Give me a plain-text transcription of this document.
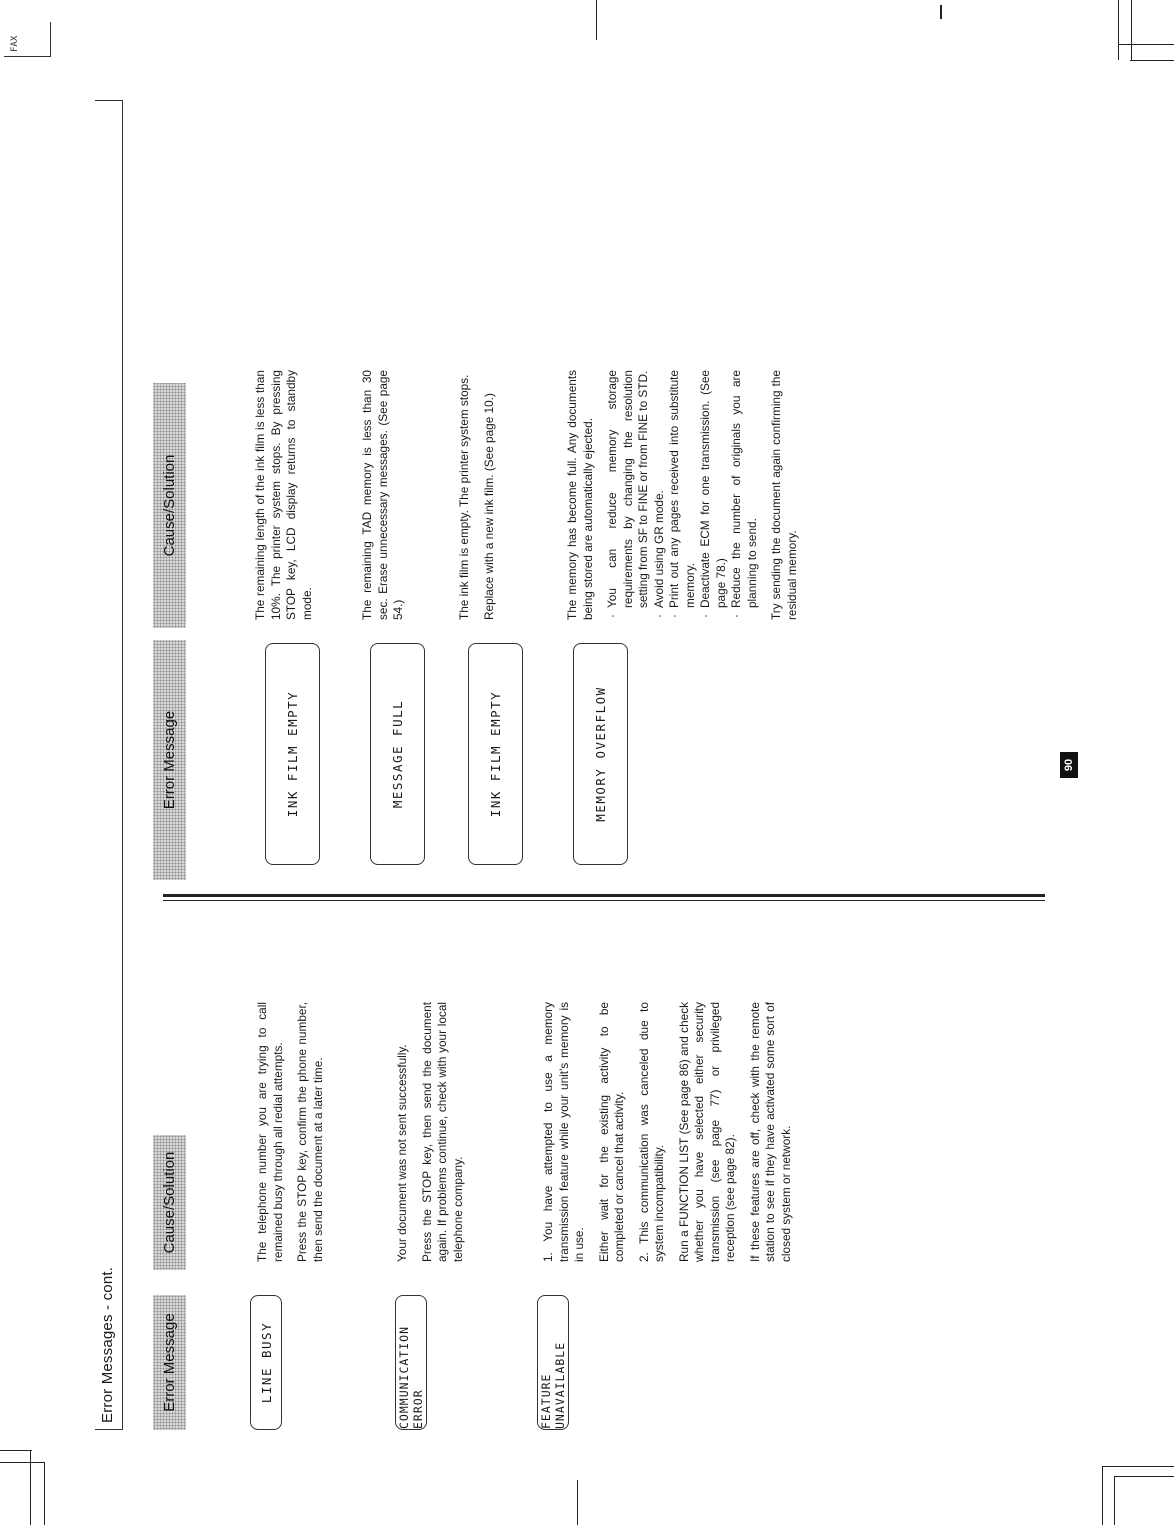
FAX
90
Error Messages - cont.	Error Message
Cause/Solution
LINE BUSY

The telephone number you are trying to call remained busy through all redial attempts. Press the STOP key, confirm the phone number, then send the document at a later time.

COMMUNICATION ERROR

Your document was not sent successfully. Press the STOP key, then send the document again. If problems continue, check with your local telephone company.

FEATURE UNAVAILABLE

1. You have attempted to use a memory transmission feature while your unit's memory is in use. Either wait for the existing activity to be completed or cancel that activity. 2. This communication was canceled due to system incompatibility. Run a FUNCTION LIST (See page 86) and check whether you have selected either security transmission (see page 77) or privileged reception (see page 82). If these features are off, check with the remote station to see if they have activated some sort of closed system or network.

Error Message
Cause/Solution
INK FILM EMPTY

The remaining length of the ink film is less than 10%. The printer system stops. By pressing STOP key, LCD display returns to standby mode.

MESSAGE FULL

The remaining TAD memory is less than 30 sec. Erase unnecessary messages. (See page 54.)

INK FILM EMPTY

The ink film is empty. The printer system stops. Replace with a new ink film. (See page 10.)

MEMORY OVERFLOW

The memory has become full. Any documents being stored are automatically ejected. · You can reduce memory storage requirements by changing the resolution setting from SF to FINE or from FINE to STD. · Avoid using GR mode. · Print out any pages received into substitute memory. · Deactivate ECM for one transmission. (See page 78.) · Reduce the number of originals you are planning to send. Try sending the document again confirming the residual memory.
